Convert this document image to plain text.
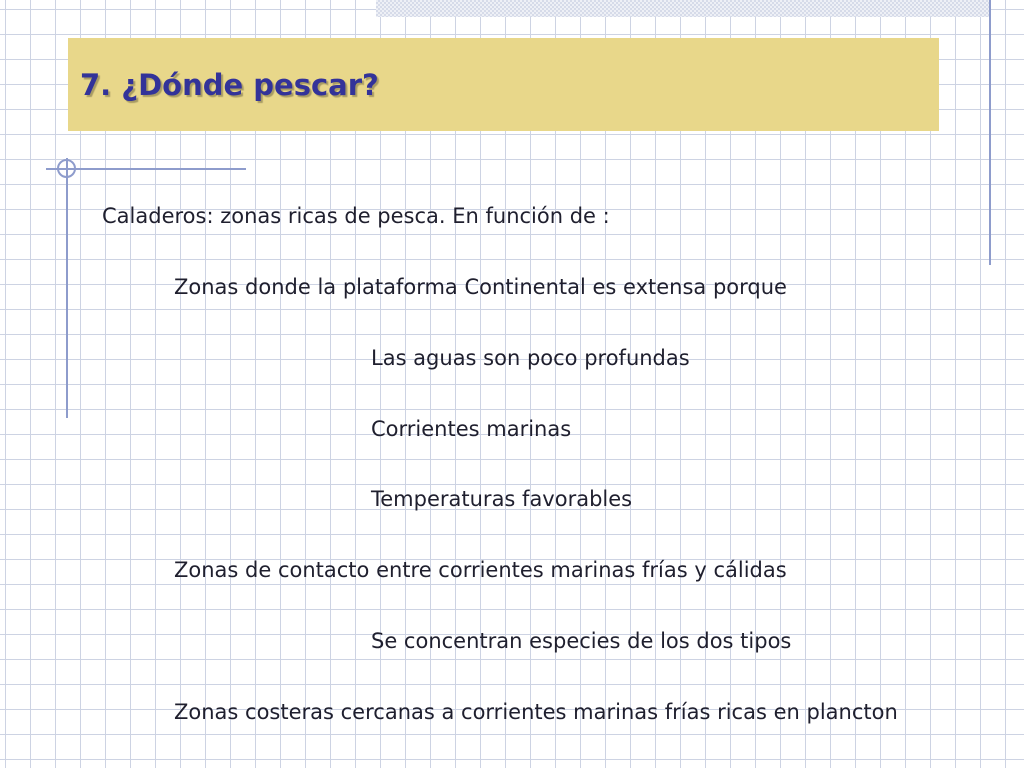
7. ¿Dónde pescar?
Caladeros: zonas ricas de pesca. En función de :
Zonas donde la plataforma Continental es extensa porque
Las aguas son poco profundas
Corrientes marinas
Temperaturas favorables
Zonas de contacto entre corrientes marinas frías y cálidas
Se concentran especies de los dos tipos
Zonas costeras cercanas a corrientes marinas frías ricas en plancton
